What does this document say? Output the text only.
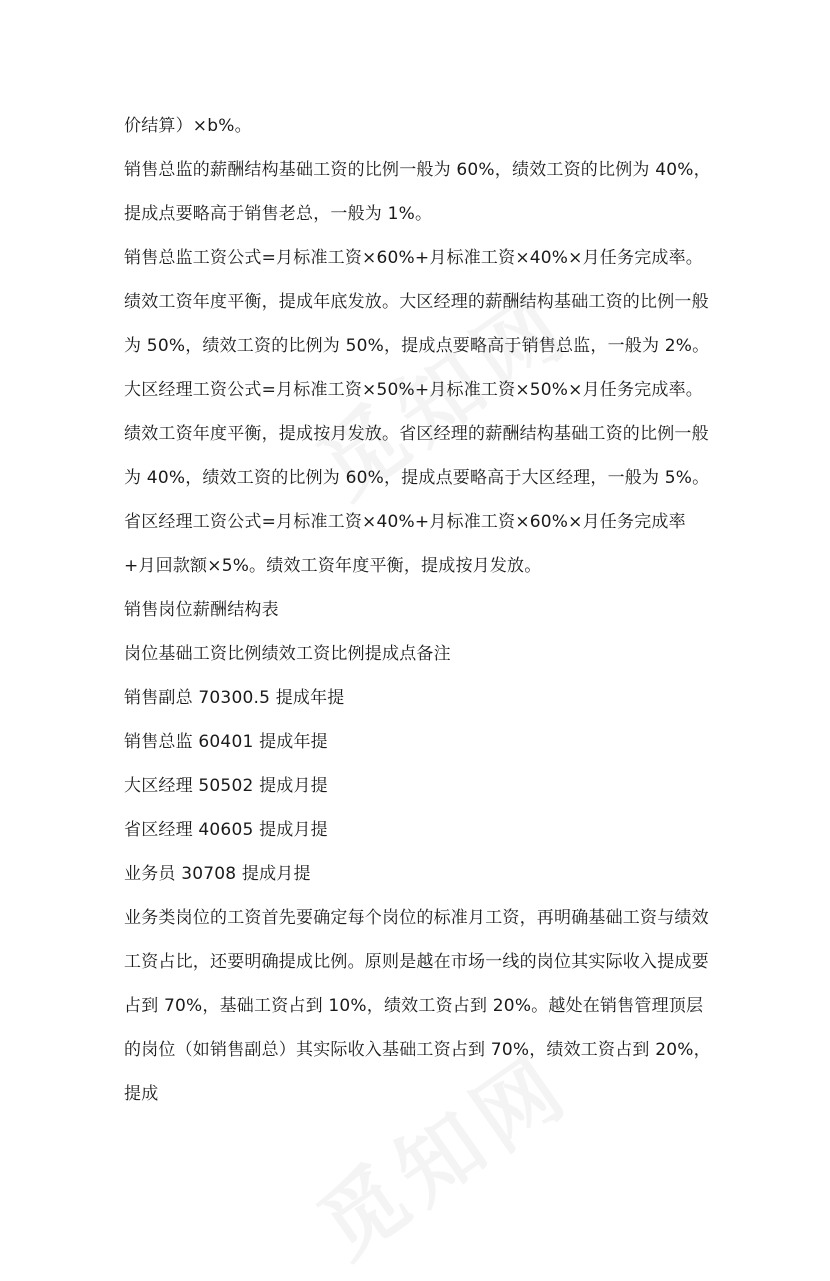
价结算）×b%。

销售总监的薪酬结构基础工资的比例一般为 60%，绩效工资的比例为 40%，提成点要略高于销售老总，一般为 1%。

销售总监工资公式=月标准工资×60%+月标准工资×40%×月任务完成率。绩效工资年度平衡，提成年底发放。大区经理的薪酬结构基础工资的比例一般为 50%，绩效工资的比例为 50%，提成点要略高于销售总监，一般为 2%。

大区经理工资公式=月标准工资×50%+月标准工资×50%×月任务完成率。绩效工资年度平衡，提成按月发放。省区经理的薪酬结构基础工资的比例一般为 40%，绩效工资的比例为 60%，提成点要略高于大区经理，一般为 5%。

省区经理工资公式=月标准工资×40%+月标准工资×60%×月任务完成率+月回款额×5%。绩效工资年度平衡，提成按月发放。

销售岗位薪酬结构表

岗位基础工资比例绩效工资比例提成点备注

销售副总 70300.5 提成年提

销售总监 60401 提成年提

大区经理 50502 提成月提

省区经理 40605 提成月提

业务员 30708 提成月提

业务类岗位的工资首先要确定每个岗位的标准月工资，再明确基础工资与绩效工资占比，还要明确提成比例。原则是越在市场一线的岗位其实际收入提成要占到 70%，基础工资占到 10%，绩效工资占到 20%。越处在销售管理顶层的岗位（如销售副总）其实际收入基础工资占到 70%，绩效工资占到 20%，提成
